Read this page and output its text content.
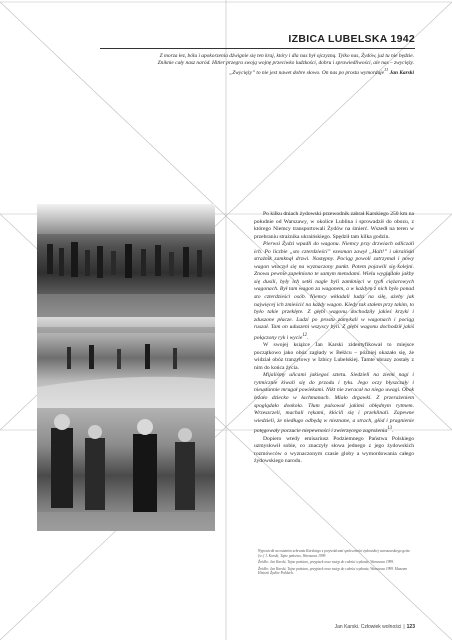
IZBICA LUBELSKA 1942
Z morza łez, bólu i upokorzenia dźwignie się ten kraj, który i dla nas był ojczyzną. Tylko nas, Żydów, już tu nie będzie. Zniknie cały nasz naród. Hitler przegra swoją wojnę przeciwko ludzkości, dobru i sprawiedliwości, ale nas – zwycięży. „Zwycięży” to nie jest nawet dobre słowo. On nas po prostu wymorduje$^{11}$ Jan Karski

Po kilku dniach żydowski przewodnik zabrał Karskiego 250 km na południe od Warszawy, w okolice Lublina i sprowadził do obozu, z którego Niemcy transportowali Żydów na śmierć. Wszedł na teren w przebraniu strażnika ukraińskiego. Spędził tam kilka godzin.

Pierwsi Żydzi wpadli do wagonu. Niemcy przy drzwiach odliczali ich. Po liczbie „sto czterdzieści” ezesman zawył „Halt!” i ukraiński strażnik zamknął drzwi. Następny. Pociąg powoli zatrzymał i nowy wagon wtoczył się na wyznaczony punkt. Potem pojawili się kolejni. Znowu pewnie zapełniono te samym metodami. Wielu wyglądało jakby się dusili, były ich setki nagle byli zamknięci w tych ciężarowych wagonach. Był tam wagon za wagonem, a w każdym z nich było ponad sto czterdzieści osób. Niemcy wkładali ludzi na siłę, ażeby jak najwięcej ich zmieścić na każdy wagon. Kiedy tak stałem przy takim, to było takie przeklęte. Z głębi wagonu dochodziły jakieś krzyki i zduszone płacze. Ludzi po prostu zamykali w wagonach i pociąg ruszał. Tam on uduszeni wszyscy byli. Z głębi wagonu dochodził jakiś połączony ryk i wycie$^{12}$.

W swojej książce Jan Karski zidentyfikował to miejsce początkowo jako obóz zagłady w Bełżcu – później okazało się, że widział obóz tranzytowy w Izbicy Lubelskiej. Tamte obrazy zostały z nim do końca życia.

Mijaliśmy ulicami jakiegoś sztetu. Siedzieli na ziemi nagi i rytmicznie kiwali się do przodu i tyłu. Jego oczy błyszczały i nieustannie mrugał powiekami. Nikt nie zwracał na niego uwagi. Obok leżało dziecko w łachmanach. Miało drgawki. Z przerażeniem spoglądało dookoła. Tłum pulsował jakimś obłędnym rytmem. Wrzeszczeli, machali rękami, kłócili się i przeklinali. Zapewne wiedzieli, że niedługo odbędą w nieznane, a strach, głód i pragnienie potęgowały poczucie niepewności i zwierzęcego zagrożenia$^{13}$.

Dopiero wtedy emisariusz Podziemnego Państwa Polskiego uzmysłowił sobie, co znaczyły słowa jednego z jego żydowskich rozmówców o wyznaczonym czasie globy a wymordowania całego żydowskiego narodu.

Wypowiedź na ostatnim zebraniu Karskiego z przywódcami społeczności żydowskiej warszawskiego getta [w:] J. Karski, Tajne państwo, Warszawa 1999.

Źródło: Jan Karski, Tajne państwo, przypisek oraz wstęp do całości wydania, Warszawa 1999.

Źródło: Jan Karski, Tajne państwo, przypisek oraz wstęp do całości wydania, Warszawa 1999. Muzeum Historii Żydów Polskich.

Jan Karski. Człowiek wolności | 123
